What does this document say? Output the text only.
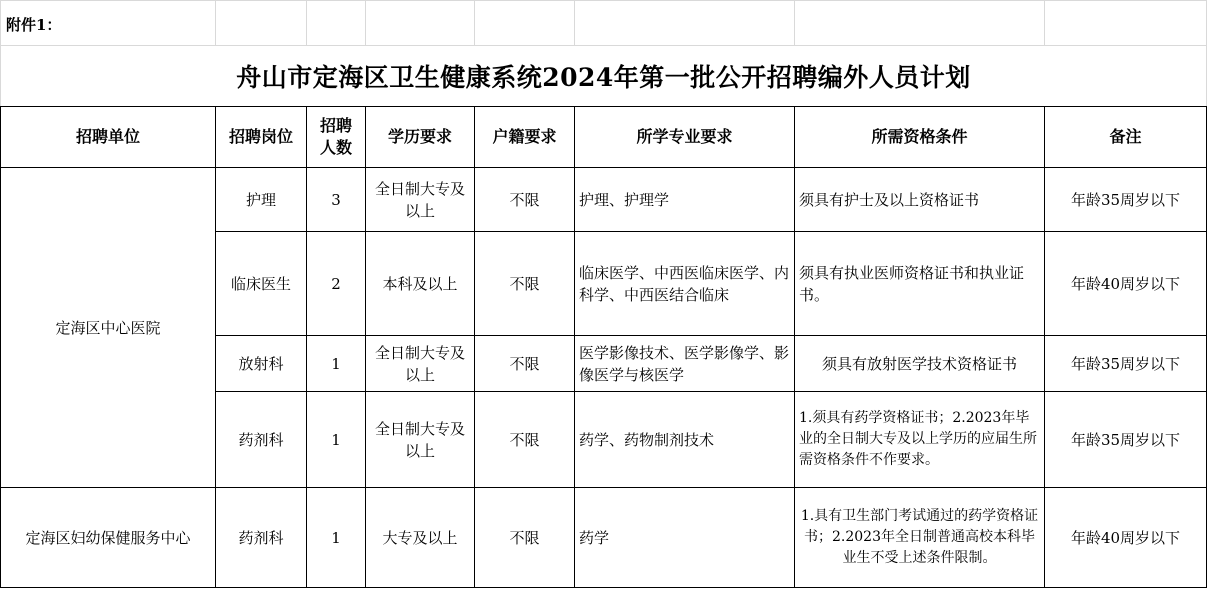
附件1：
舟山市定海区卫生健康系统2024年第一批公开招聘编外人员计划
招聘单位	招聘岗位	招聘人数	学历要求	户籍要求	所学专业要求	所需资格条件	备注
定海区中心医院	护理	3	全日制大专及以上	不限	护理、护理学	须具有护士及以上资格证书	年龄35周岁以下
	临床医生	2	本科及以上	不限	临床医学、中西医临床医学、内科学、中西医结合临床	须具有执业医师资格证书和执业证书。	年龄40周岁以下
	放射科	1	全日制大专及以上	不限	医学影像技术、医学影像学、影像医学与核医学	须具有放射医学技术资格证书	年龄35周岁以下
	药剂科	1	全日制大专及以上	不限	药学、药物制剂技术	1.须具有药学资格证书；2.2023年毕业的全日制大专及以上学历的应届生所需资格条件不作要求。	年龄35周岁以下
定海区妇幼保健服务中心	药剂科	1	大专及以上	不限	药学	1.具有卫生部门考试通过的药学资格证书；2.2023年全日制普通高校本科毕业生不受上述条件限制。	年龄40周岁以下
